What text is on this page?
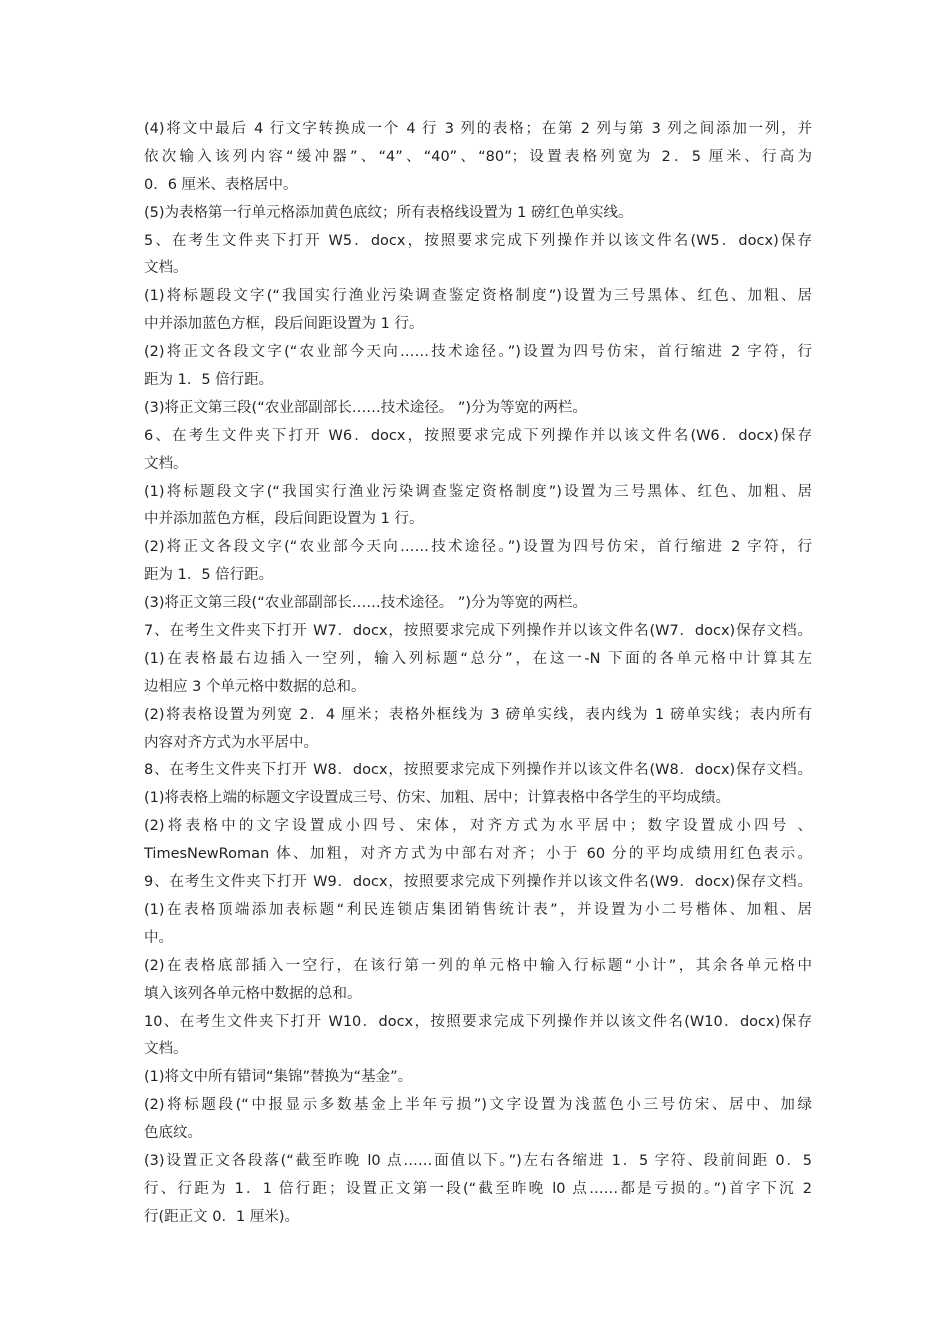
(4)将文中最后 4 行文字转换成一个 4 行 3 列的表格；在第 2 列与第 3 列之间添加一列，并
依次输入该列内容“缓冲器”、“4”、“40”、“80”；设置表格列宽为 2．5 厘米、行高为
0．6 厘米、表格居中。
(5)为表格第一行单元格添加黄色底纹；所有表格线设置为 1 磅红色单实线。
5、在考生文件夹下打开 W5．docx，按照要求完成下列操作并以该文件名(W5．docx)保存
文档。
(1)将标题段文字(“我国实行渔业污染调查鉴定资格制度”)设置为三号黑体、红色、加粗、居
中并添加蓝色方框，段后间距设置为 1 行。
(2)将正文各段文字(“农业部今天向……技术途径。”)设置为四号仿宋，首行缩进 2 字符，行
距为 1．5 倍行距。
(3)将正文第三段(“农业部副部长……技术途径。 ”)分为等宽的两栏。
6、在考生文件夹下打开 W6．docx，按照要求完成下列操作并以该文件名(W6．docx)保存
文档。
(1)将标题段文字(“我国实行渔业污染调查鉴定资格制度”)设置为三号黑体、红色、加粗、居
中并添加蓝色方框，段后间距设置为 1 行。
(2)将正文各段文字(“农业部今天向……技术途径。”)设置为四号仿宋，首行缩进 2 字符，行
距为 1．5 倍行距。
(3)将正文第三段(“农业部副部长……技术途径。 ”)分为等宽的两栏。
7、在考生文件夹下打开 W7．docx，按照要求完成下列操作并以该文件名(W7．docx)保存文档。
(1)在表格最右边插入一空列，输入列标题“总分”，在这一-N 下面的各单元格中计算其左
边相应 3 个单元格中数据的总和。
(2)将表格设置为列宽 2．4 厘米；表格外框线为 3 磅单实线，表内线为 1 磅单实线；表内所有
内容对齐方式为水平居中。
8、在考生文件夹下打开 W8．docx，按照要求完成下列操作并以该文件名(W8．docx)保存文档。
(1)将表格上端的标题文字设置成三号、仿宋、加粗、居中；计算表格中各学生的平均成绩。
(2)将表格中的文字设置成小四号、宋体，对齐方式为水平居中；数字设置成小四号 、
TimesNewRoman 体、加粗，对齐方式为中部右对齐；小于 60 分的平均成绩用红色表示。
9、在考生文件夹下打开 W9．docx，按照要求完成下列操作并以该文件名(W9．docx)保存文档。
(1)在表格顶端添加表标题“利民连锁店集团销售统计表”，并设置为小二号楷体、加粗、居
中。
(2)在表格底部插入一空行，在该行第一列的单元格中输入行标题“小计”，其余各单元格中
填入该列各单元格中数据的总和。
10、在考生文件夹下打开 W10．docx，按照要求完成下列操作并以该文件名(W10．docx)保存
文档。
(1)将文中所有错词“集锦”替换为“基金”。
(2)将标题段(“中报显示多数基金上半年亏损”)文字设置为浅蓝色小三号仿宋、居中、加绿
色底纹。
(3)设置正文各段落(“截至昨晚 l0 点……面值以下。”)左右各缩进 1．5 字符、段前间距 0．5
行、行距为 1．1 倍行距；设置正文第一段(“截至昨晚 l0 点……都是亏损的。”)首字下沉 2
行(距正文 0．1 厘米)。
